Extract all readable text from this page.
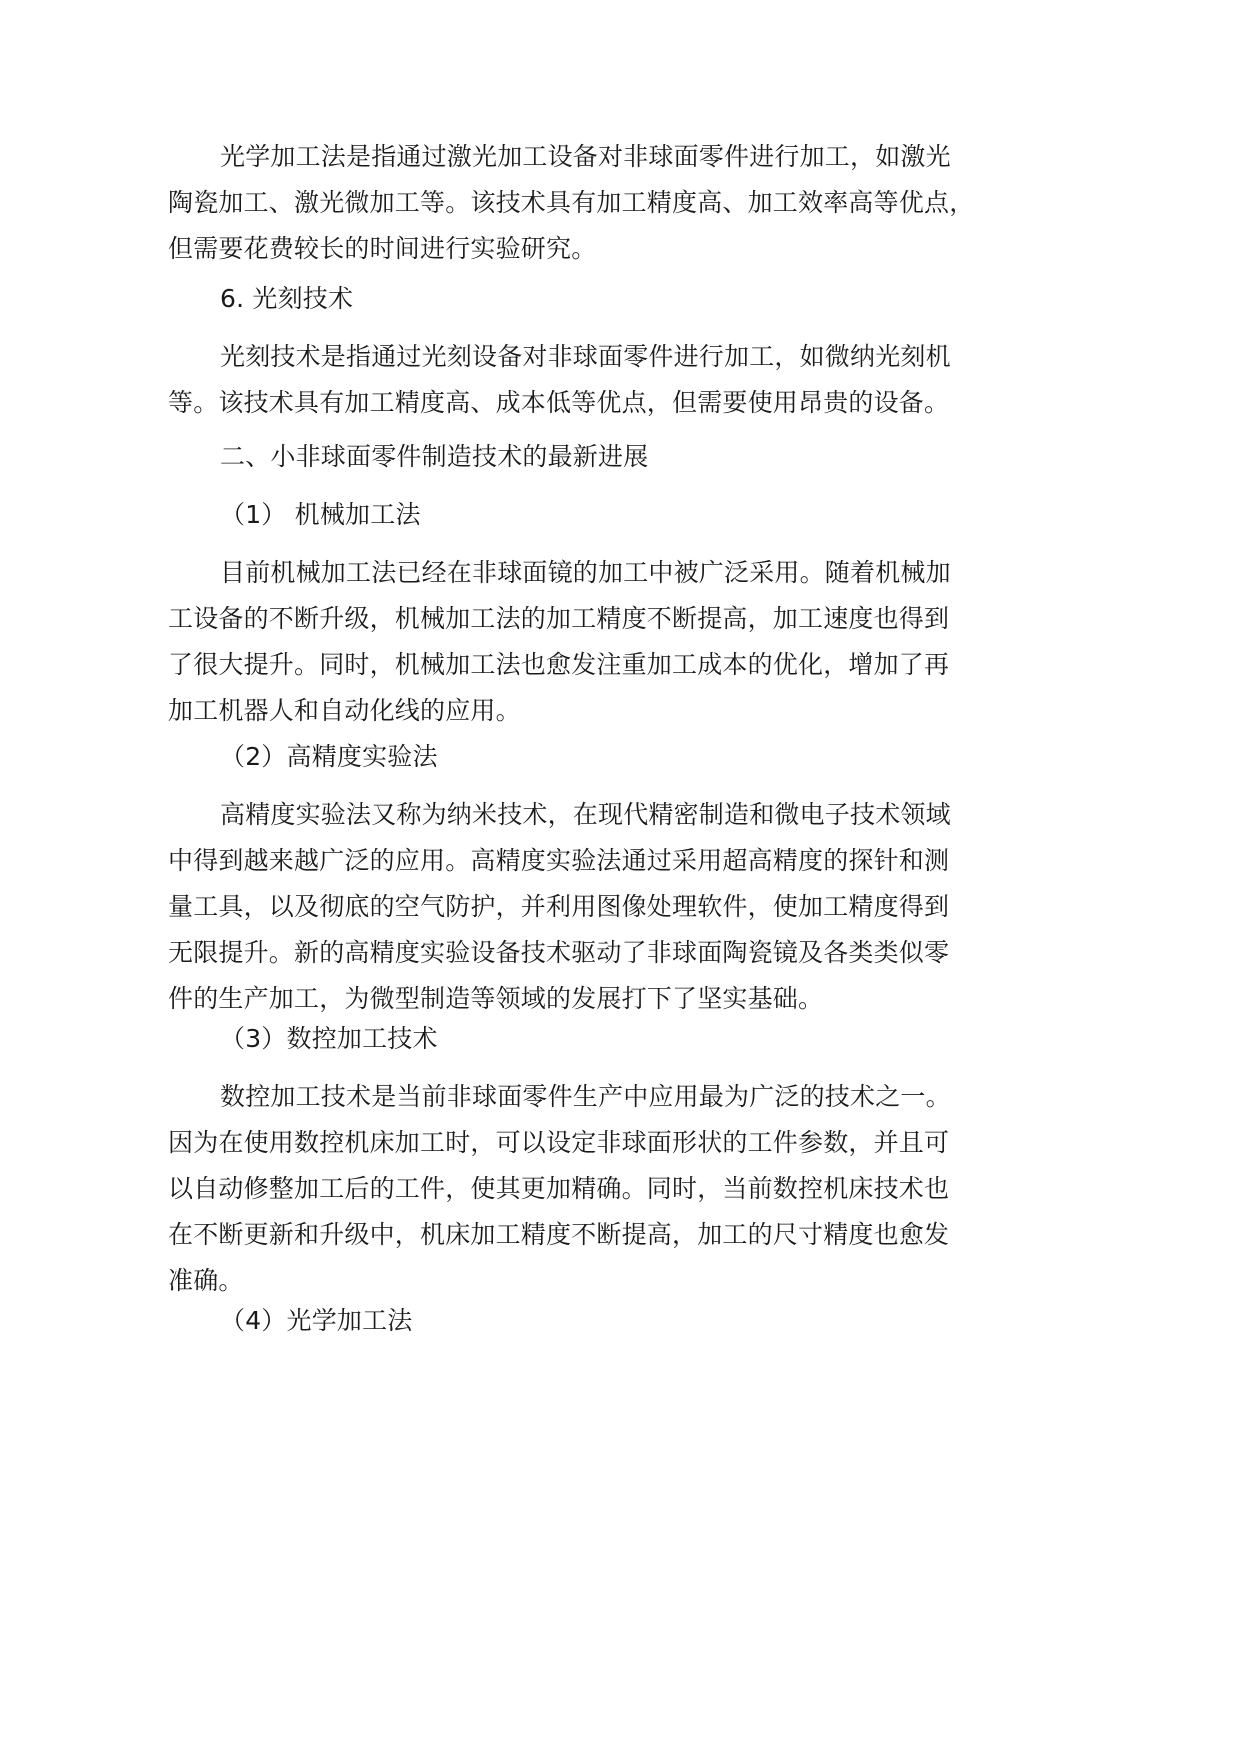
光学加工法是指通过激光加工设备对非球面零件进行加工，如激光
陶瓷加工、激光微加工等。该技术具有加工精度高、加工效率高等优点，
但需要花费较长的时间进行实验研究。

6. 光刻技术

光刻技术是指通过光刻设备对非球面零件进行加工，如微纳光刻机
等。该技术具有加工精度高、成本低等优点，但需要使用昂贵的设备。

二、小非球面零件制造技术的最新进展

（1） 机械加工法

目前机械加工法已经在非球面镜的加工中被广泛采用。随着机械加
工设备的不断升级，机械加工法的加工精度不断提高，加工速度也得到
了很大提升。同时，机械加工法也愈发注重加工成本的优化，增加了再
加工机器人和自动化线的应用。

（2）高精度实验法

高精度实验法又称为纳米技术，在现代精密制造和微电子技术领域
中得到越来越广泛的应用。高精度实验法通过采用超高精度的探针和测
量工具，以及彻底的空气防护，并利用图像处理软件，使加工精度得到
无限提升。新的高精度实验设备技术驱动了非球面陶瓷镜及各类类似零
件的生产加工，为微型制造等领域的发展打下了坚实基础。

（3）数控加工技术

数控加工技术是当前非球面零件生产中应用最为广泛的技术之一。
因为在使用数控机床加工时，可以设定非球面形状的工件参数，并且可
以自动修整加工后的工件，使其更加精确。同时，当前数控机床技术也
在不断更新和升级中，机床加工精度不断提高，加工的尺寸精度也愈发
准确。

（4）光学加工法
